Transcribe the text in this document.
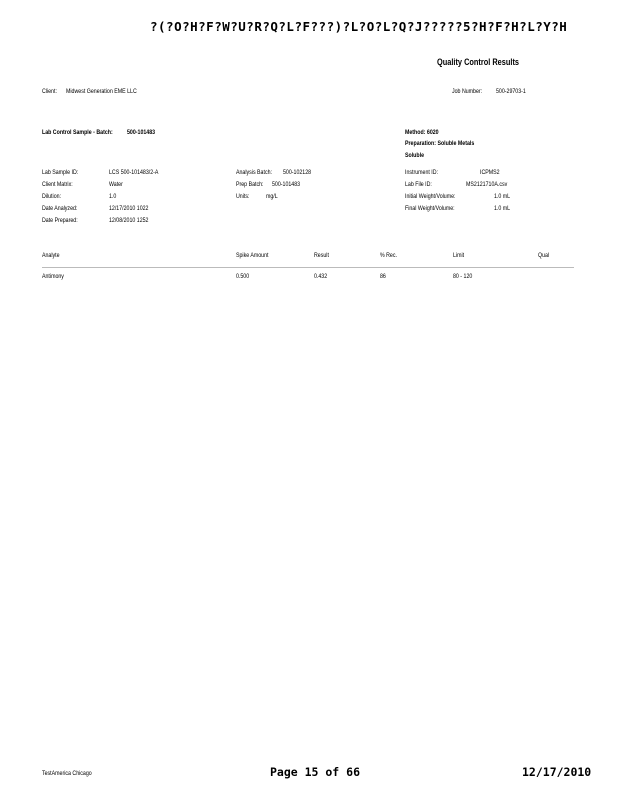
?(?O?H?F?W?U?R?Q?L?F???)?L?O?L?Q?J?????5?H?F?H?L?Y?H
Quality Control Results
Client: Midwest Generation EME LLC	Job Number: 500-29703-1
Lab Control Sample - Batch: 500-101483	Method: 6020
Preparation: Soluble Metals
Soluble
Lab Sample ID:	LCS 500-101483/2-A
Client Matrix:	Water
Dilution:	1.0
Date Analyzed:	12/17/2010 1022
Date Prepared:	12/08/2010 1252
Analysis Batch: 500-102128
Prep Batch: 500-101483
Units:	mg/L
Instrument ID:	ICPMS2
Lab File ID:	MS2121710A.csv
Initial Weight/Volume:	1.0 mL
Final Weight/Volume:	1.0 mL
Analyte	Spike Amount	Result	% Rec.	Limit	Qual
Antimony	0.500	0.432	86	80 - 120
TestAmerica Chicago	Page 15 of 66	12/17/2010
